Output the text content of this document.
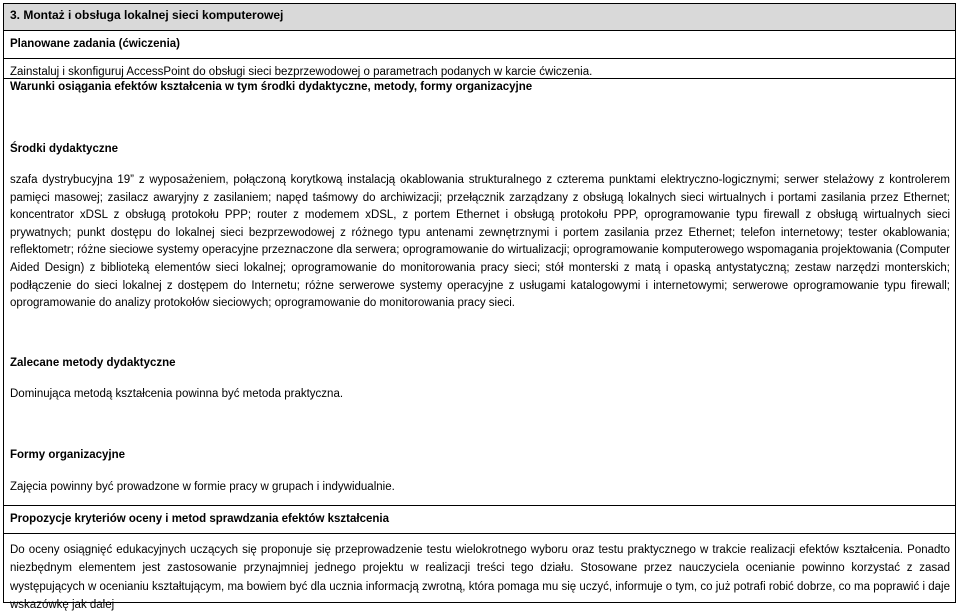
3. Montaż i obsługa lokalnej sieci komputerowej
Planowane zadania (ćwiczenia)
Zainstaluj i skonfiguruj AccessPoint do obsługi sieci bezprzewodowej o parametrach podanych w karcie ćwiczenia.
Warunki osiągania efektów kształcenia w tym środki dydaktyczne, metody, formy organizacyjne
Środki dydaktyczne
szafa dystrybucyjna 19” z wyposażeniem, połączoną korytkową instalacją okablowania strukturalnego z czterema punktami elektryczno-logicznymi; serwer stelażowy z kontrolerem pamięci masowej; zasilacz awaryjny z zasilaniem; napęd taśmowy do archiwizacji; przełącznik zarządzany z obsługą lokalnych sieci wirtualnych i portami zasilania przez Ethernet; koncentrator xDSL z obsługą protokołu PPP; router z modemem xDSL, z portem Ethernet i obsługą protokołu PPP, oprogramowanie typu firewall z obsługą wirtualnych sieci prywatnych; punkt dostępu do lokalnej sieci bezprzewodowej z różnego typu antenami zewnętrznymi i portem zasilania przez Ethernet; telefon internetowy; tester okablowania; reflektometr; różne sieciowe systemy operacyjne przeznaczone dla serwera; oprogramowanie do wirtualizacji; oprogramowanie komputerowego wspomagania projektowania (Computer Aided Design) z biblioteką elementów sieci lokalnej; oprogramowanie do monitorowania pracy sieci; stół monterski z matą i opaską antystatyczną; zestaw narzędzi monterskich; podłączenie do sieci lokalnej z dostępem do Internetu; różne serwerowe systemy operacyjne z usługami katalogowymi i internetowymi; serwerowe oprogramowanie typu firewall; oprogramowanie do analizy protokołów sieciowych; oprogramowanie do monitorowania pracy sieci.
Zalecane metody dydaktyczne
Dominująca metodą kształcenia powinna być metoda praktyczna.
Formy organizacyjne
Zajęcia powinny być prowadzone w formie pracy w grupach i indywidualnie.
Propozycje kryteriów oceny i metod sprawdzania efektów kształcenia
Do oceny osiągnięć edukacyjnych uczących się proponuje się przeprowadzenie testu wielokrotnego wyboru oraz testu praktycznego w trakcie realizacji efektów kształcenia. Ponadto niezbędnym elementem jest zastosowanie przynajmniej jednego projektu w realizacji treści tego działu. Stosowane przez nauczyciela ocenianie powinno korzystać z zasad występujących w ocenianiu kształtującym, ma bowiem być dla ucznia informacją zwrotną, która pomaga mu się uczyć, informuje o tym, co już potrafi robić dobrze, co ma poprawić i daje wskazówkę jak dalej
